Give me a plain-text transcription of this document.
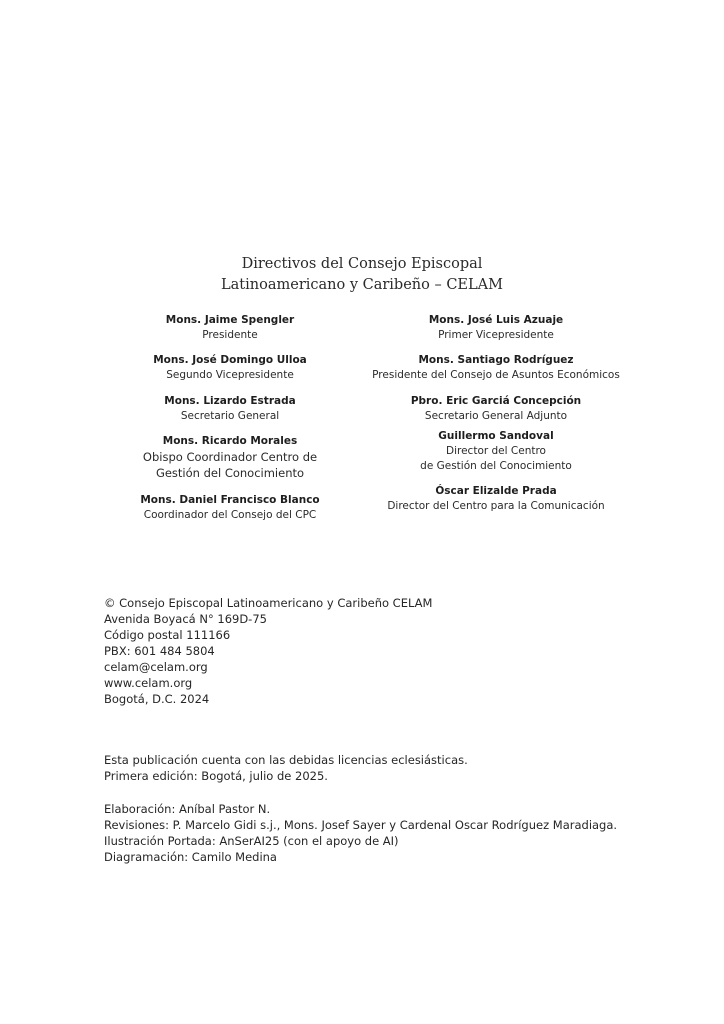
Directivos del Consejo Episcopal
Latinoamericano y Caribeño – CELAM
Mons. Jaime Spengler
Presidente
Mons. José Domingo Ulloa
Segundo Vicepresidente
Mons. Lizardo Estrada
Secretario General
Mons. Ricardo Morales
Obispo Coordinador Centro de
Gestión del Conocimiento
Mons. Daniel Francisco Blanco
Coordinador del Consejo del CPC
Mons. José Luis Azuaje
Primer Vicepresidente
Mons. Santiago Rodríguez
Presidente del Consejo de Asuntos Económicos
Pbro. Eric Garciá Concepción
Secretario General Adjunto
Guillermo Sandoval
Director del Centro
de Gestión del Conocimiento
Óscar Elizalde Prada
Director del Centro para la Comunicación
© Consejo Episcopal Latinoamericano y Caribeño CELAM
Avenida Boyacá N° 169D-75
Código postal 111166
PBX: 601 484 5804
celam@celam.org
www.celam.org
Bogotá, D.C. 2024
Esta publicación cuenta con las debidas licencias eclesiásticas.
Primera edición: Bogotá, julio de 2025.
Elaboración: Aníbal Pastor N.
Revisiones: P. Marcelo Gidi s.j., Mons. Josef Sayer y Cardenal Oscar Rodríguez Maradiaga.
Ilustración Portada: AnSerAI25 (con el apoyo de AI)
Diagramación: Camilo Medina
